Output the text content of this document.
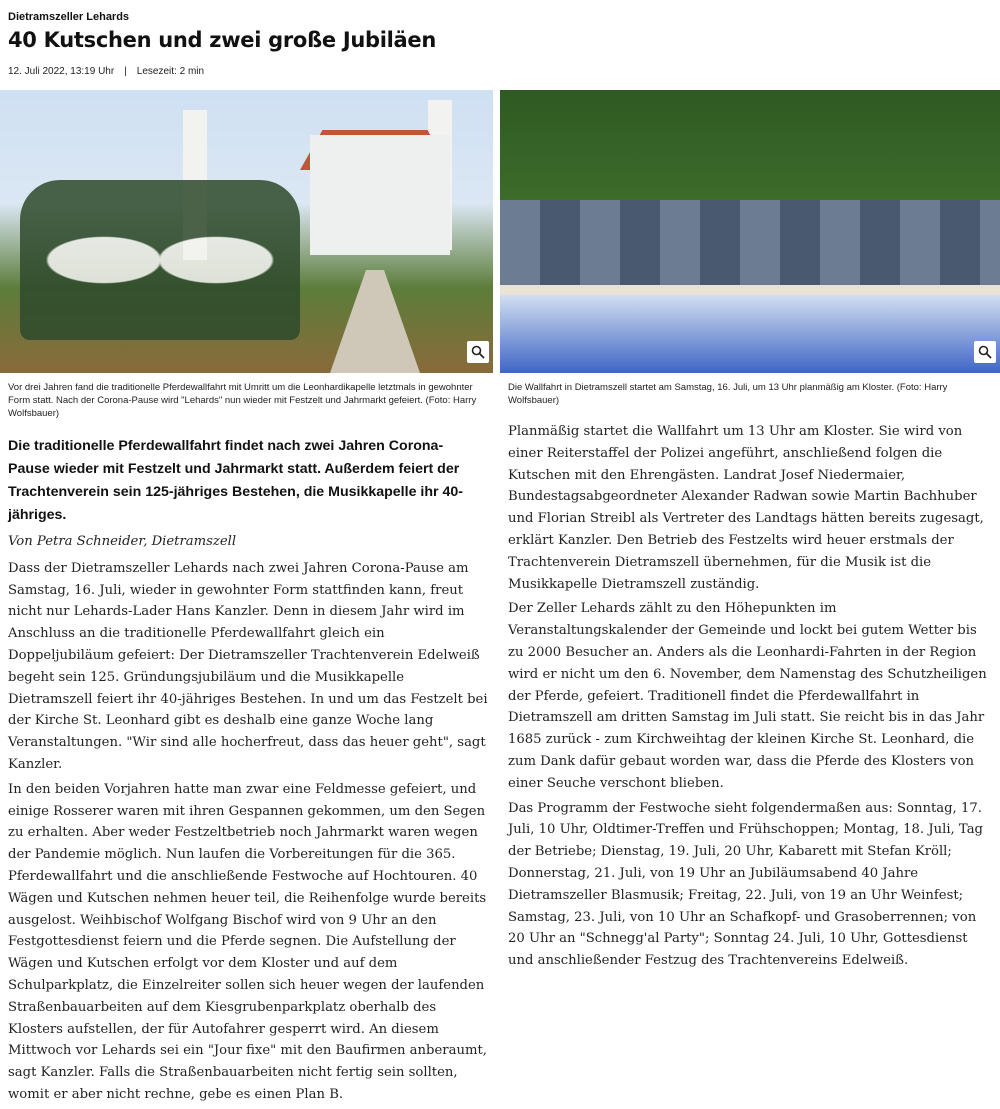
Dietramszeller Lehards
40 Kutschen und zwei große Jubiläen
12. Juli 2022, 13:19 Uhr | Lesezeit: 2 min
Vor drei Jahren fand die traditionelle Pferdewallfahrt mit Umritt um die Leonhardikapelle letztmals in gewohnter Form statt. Nach der Corona-Pause wird "Lehards" nun wieder mit Festzelt und Jahrmarkt gefeiert. (Foto: Harry Wolfsbauer)
Die Wallfahrt in Dietramszell startet am Samstag, 16. Juli, um 13 Uhr planmäßig am Kloster. (Foto: Harry Wolfsbauer)
Die traditionelle Pferdewallfahrt findet nach zwei Jahren Corona-Pause wieder mit Festzelt und Jahrmarkt statt. Außerdem feiert der Trachtenverein sein 125-jähriges Bestehen, die Musikkapelle ihr 40-jähriges.

Von Petra Schneider, Dietramszell

Dass der Dietramszeller Lehards nach zwei Jahren Corona-Pause am Samstag, 16. Juli, wieder in gewohnter Form stattfinden kann, freut nicht nur Lehards-Lader Hans Kanzler. Denn in diesem Jahr wird im Anschluss an die traditionelle Pferdewallfahrt gleich ein Doppeljubiläum gefeiert: Der Dietramszeller Trachtenverein Edelweiß begeht sein 125. Gründungsjubiläum und die Musikkapelle Dietramszell feiert ihr 40-jähriges Bestehen. In und um das Festzelt bei der Kirche St. Leonhard gibt es deshalb eine ganze Woche lang Veranstaltungen. "Wir sind alle hocherfreut, dass das heuer geht", sagt Kanzler.

In den beiden Vorjahren hatte man zwar eine Feldmesse gefeiert, und einige Rosserer waren mit ihren Gespannen gekommen, um den Segen zu erhalten. Aber weder Festzeltbetrieb noch Jahrmarkt waren wegen der Pandemie möglich. Nun laufen die Vorbereitungen für die 365. Pferdewallfahrt und die anschließende Festwoche auf Hochtouren. 40 Wägen und Kutschen nehmen heuer teil, die Reihenfolge wurde bereits ausgelost. Weihbischof Wolfgang Bischof wird von 9 Uhr an den Festgottesdienst feiern und die Pferde segnen. Die Aufstellung der Wägen und Kutschen erfolgt vor dem Kloster und auf dem Schulparkplatz, die Einzelreiter sollen sich heuer wegen der laufenden Straßenbauarbeiten auf dem Kiesgrubenparkplatz oberhalb des Klosters aufstellen, der für Autofahrer gesperrt wird. An diesem Mittwoch vor Lehards sei ein "Jour fixe" mit den Baufirmen anberaumt, sagt Kanzler. Falls die Straßenbauarbeiten nicht fertig sein sollten, womit er aber nicht rechne, gebe es einen Plan B.

Planmäßig startet die Wallfahrt um 13 Uhr am Kloster. Sie wird von einer Reiterstaffel der Polizei angeführt, anschließend folgen die Kutschen mit den Ehrengästen. Landrat Josef Niedermaier, Bundestagsabgeordneter Alexander Radwan sowie Martin Bachhuber und Florian Streibl als Vertreter des Landtags hätten bereits zugesagt, erklärt Kanzler. Den Betrieb des Festzelts wird heuer erstmals der Trachtenverein Dietramszell übernehmen, für die Musik ist die Musikkapelle Dietramszell zuständig.

Der Zeller Lehards zählt zu den Höhepunkten im Veranstaltungskalender der Gemeinde und lockt bei gutem Wetter bis zu 2000 Besucher an. Anders als die Leonhardi-Fahrten in der Region wird er nicht um den 6. November, dem Namenstag des Schutzheiligen der Pferde, gefeiert. Traditionell findet die Pferdewallfahrt in Dietramszell am dritten Samstag im Juli statt. Sie reicht bis in das Jahr 1685 zurück - zum Kirchweihtag der kleinen Kirche St. Leonhard, die zum Dank dafür gebaut worden war, dass die Pferde des Klosters von einer Seuche verschont blieben.

Das Programm der Festwoche sieht folgendermaßen aus: Sonntag, 17. Juli, 10 Uhr, Oldtimer-Treffen und Frühschoppen; Montag, 18. Juli, Tag der Betriebe; Dienstag, 19. Juli, 20 Uhr, Kabarett mit Stefan Kröll; Donnerstag, 21. Juli, von 19 Uhr an Jubiläumsabend 40 Jahre Dietramszeller Blasmusik; Freitag, 22. Juli, von 19 an Uhr Weinfest; Samstag, 23. Juli, von 10 Uhr an Schafkopf- und Grasoberrennen; von 20 Uhr an "Schnegg'al Party"; Sonntag 24. Juli, 10 Uhr, Gottesdienst und anschließender Festzug des Trachtenvereins Edelweiß.
